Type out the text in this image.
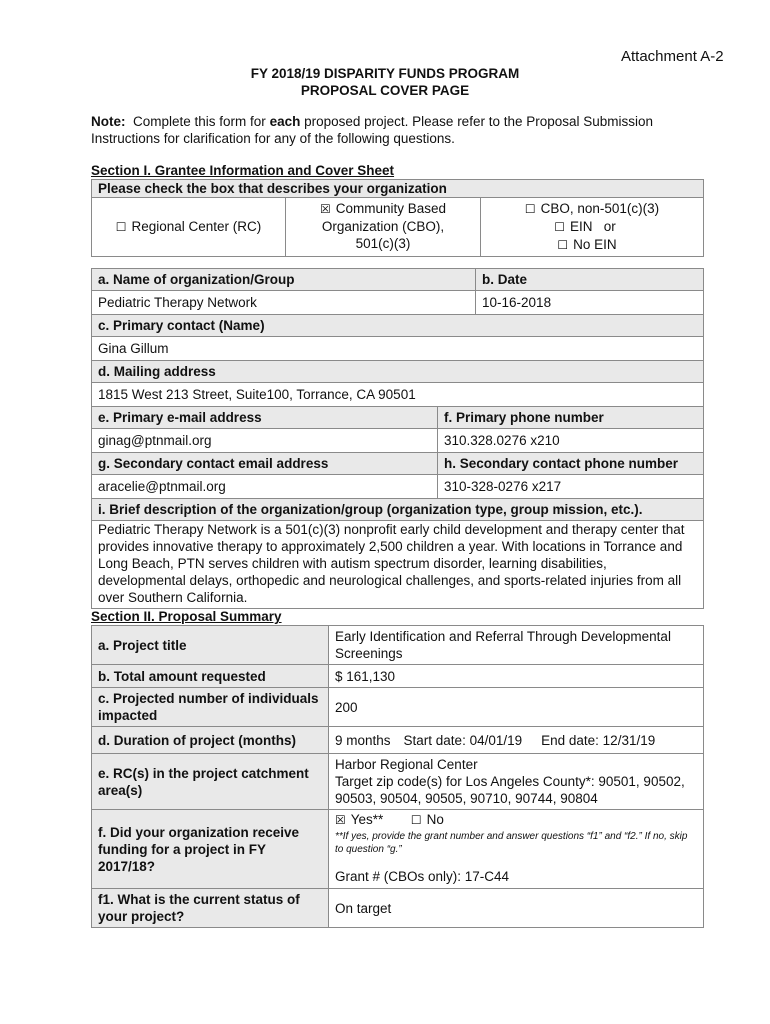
Attachment A-2
FY 2018/19 DISPARITY FUNDS PROGRAM
PROPOSAL COVER PAGE
Note: Complete this form for each proposed project. Please refer to the Proposal Submission Instructions for clarification for any of the following questions.
Section I. Grantee Information and Cover Sheet
Please check the box that describes your organization
☐ Regional Center (RC)	☒ Community Based Organization (CBO), 501(c)(3)	
☐ CBO, non-501(c)(3)
☐ EIN   or
☐ No EIN
a. Name of organization/Group		b. Date
Pediatric Therapy Network		10-16-2018
c. Primary contact (Name)		
Gina Gillum		
d. Mailing address		
1815 West 213 Street, Suite100, Torrance, CA 90501		
e. Primary e-mail address	f. Primary phone number	
ginag@ptnmail.org	310.328.0276 x210	
g. Secondary contact email address	h. Secondary contact phone number	
aracelie@ptnmail.org	310-328-0276 x217	
i. Brief description of the organization/group (organization type, group mission, etc.).		
Pediatric Therapy Network is a 501(c)(3) nonprofit early child development and therapy center that provides innovative therapy to approximately 2,500 children a year. With locations in Torrance and Long Beach, PTN serves children with autism spectrum disorder, learning disabilities, developmental delays, orthopedic and neurological challenges, and sports-related injuries from all over Southern California.		
Section II. Proposal Summary
a. Project title	Early Identification and Referral Through Developmental Screenings
b. Total amount requested	$ 161,130
c. Projected number of individuals impacted	200
d. Duration of project (months)	9 months Start date: 04/01/19 End date: 12/31/19
e. RC(s) in the project catchment area(s)	Harbor Regional Center
Target zip code(s) for Los Angeles County*: 90501, 90502, 90503, 90504, 90505, 90710, 90744, 90804

f. Did your organization receive funding for a project in FY 2017/18?	☒ Yes** ☐ No
**If yes, provide the grant number and answer questions “f1” and “f2.” If no, skip to question “g.”
Grant # (CBOs only): 17-C44

f1. What is the current status of your project?	On target
